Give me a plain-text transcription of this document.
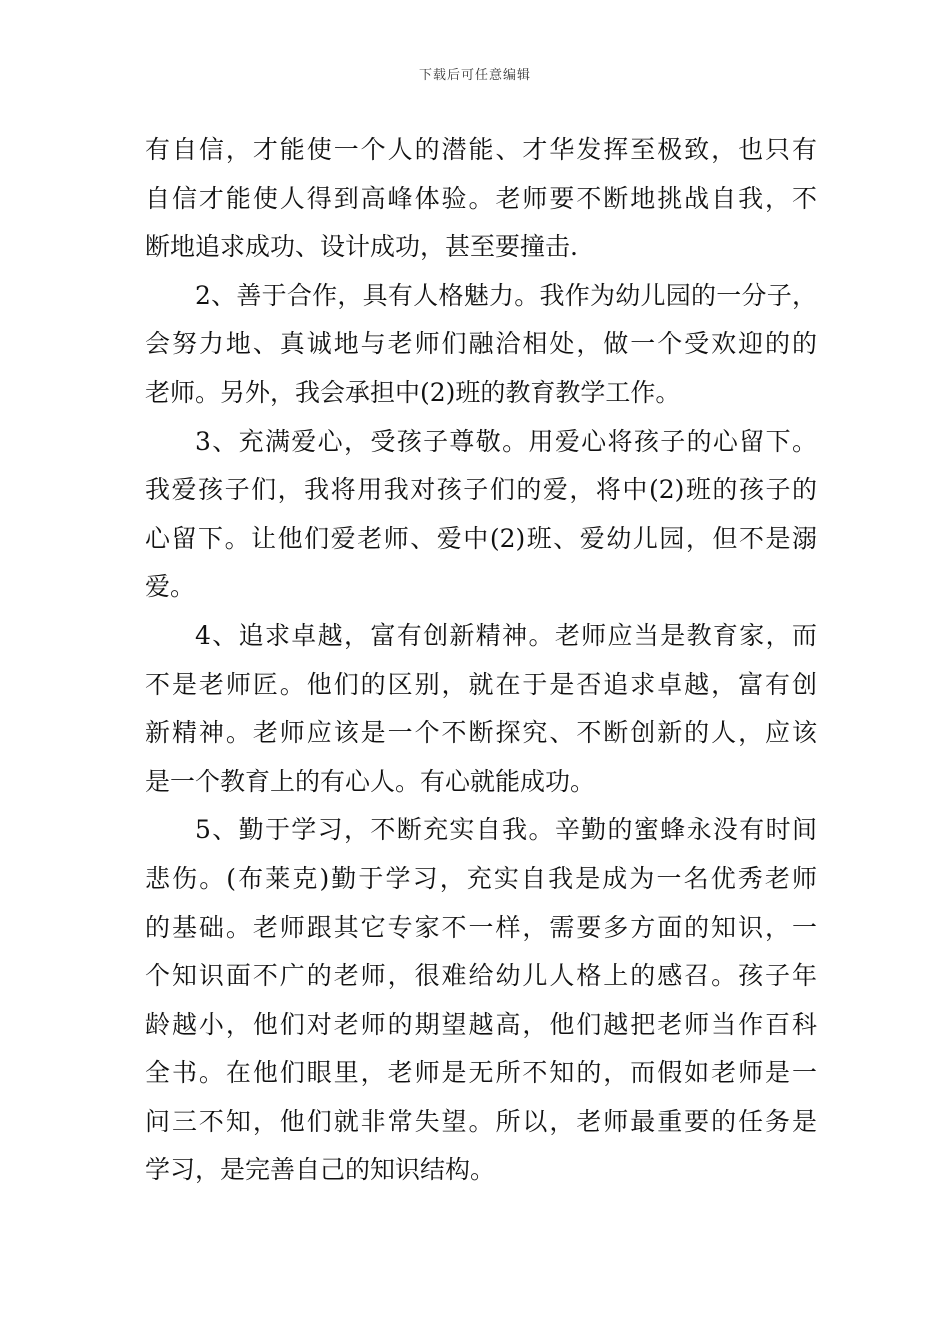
下载后可任意编辑
有自信，才能使一个人的潜能、才华发挥至极致，也只有
自信才能使人得到高峰体验。老师要不断地挑战自我，不
断地追求成功、设计成功，甚至要撞击.
2、善于合作，具有人格魅力。我作为幼儿园的一分子，
会努力地、真诚地与老师们融洽相处，做一个受欢迎的的
老师。另外，我会承担中(2)班的教育教学工作。
3、充满爱心，受孩子尊敬。用爱心将孩子的心留下。
我爱孩子们，我将用我对孩子们的爱，将中(2)班的孩子的
心留下。让他们爱老师、爱中(2)班、爱幼儿园，但不是溺
爱。
4、追求卓越，富有创新精神。老师应当是教育家，而
不是老师匠。他们的区别，就在于是否追求卓越，富有创
新精神。老师应该是一个不断探究、不断创新的人，应该
是一个教育上的有心人。有心就能成功。
5、勤于学习，不断充实自我。辛勤的蜜蜂永没有时间
悲伤。(布莱克)勤于学习，充实自我是成为一名优秀老师
的基础。老师跟其它专家不一样，需要多方面的知识，一
个知识面不广的老师，很难给幼儿人格上的感召。孩子年
龄越小，他们对老师的期望越高，他们越把老师当作百科
全书。在他们眼里，老师是无所不知的，而假如老师是一
问三不知，他们就非常失望。所以，老师最重要的任务是
学习，是完善自己的知识结构。
